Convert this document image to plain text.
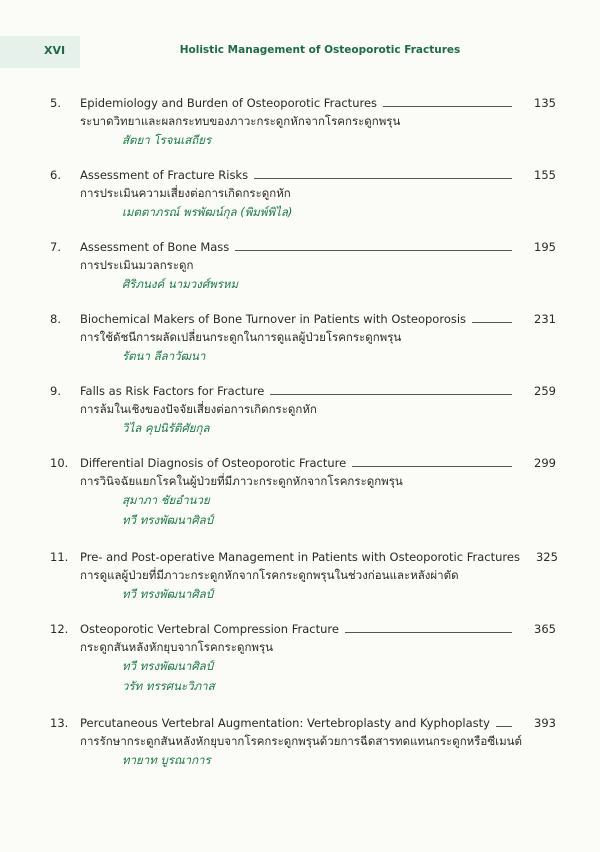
XVI	Holistic Management of Osteoporotic Fractures
5. Epidemiology and Burden of Osteoporotic Fractures	135
ระบาดวิทยาและผลกระทบของภาวะกระดูกหักจากโรคกระดูกพรุน
สัตยา โรจนเสถียร
6. Assessment of Fracture Risks	155
การประเมินความเสี่ยงต่อการเกิดกระดูกหัก
เมตตาภรณ์ พรพัฒน์กุล (พิมพ์พิไล)
7. Assessment of Bone Mass	195
การประเมินมวลกระดูก
ศิริภนงค์ นามวงศ์พรหม
8. Biochemical Makers of Bone Turnover in Patients with Osteoporosis	231
การใช้ดัชนีการผลัดเปลี่ยนกระดูกในการดูแลผู้ป่วยโรคกระดูกพรุน
รัตนา ลีลาวัฒนา
9. Falls as Risk Factors for Fracture	259
การล้มในเชิงของปัจจัยเสี่ยงต่อการเกิดกระดูกหัก
วิไล คุปนิรัติศัยกุล
10. Differential Diagnosis of Osteoporotic Fracture	299
การวินิจฉัยแยกโรคในผู้ป่วยที่มีภาวะกระดูกหักจากโรคกระดูกพรุน
สุมาภา ชัยอำนวย
ทวี ทรงพัฒนาศิลป์
11. Pre- and Post-operative Management in Patients with Osteoporotic Fractures 325
การดูแลผู้ป่วยที่มีภาวะกระดูกหักจากโรคกระดูกพรุนในช่วงก่อนและหลังผ่าตัด
ทวี ทรงพัฒนาศิลป์
12. Osteoporotic Vertebral Compression Fracture	365
กระดูกสันหลังหักยุบจากโรคกระดูกพรุน
ทวี ทรงพัฒนาศิลป์
วรัท ทรรศนะวิภาส
13. Percutaneous Vertebral Augmentation: Vertebroplasty and Kyphoplasty	393
การรักษากระดูกสันหลังหักยุบจากโรคกระดูกพรุนด้วยการฉีดสารทดแทนกระดูกหรือซีเมนต์
ทายาท บูรณาการ
